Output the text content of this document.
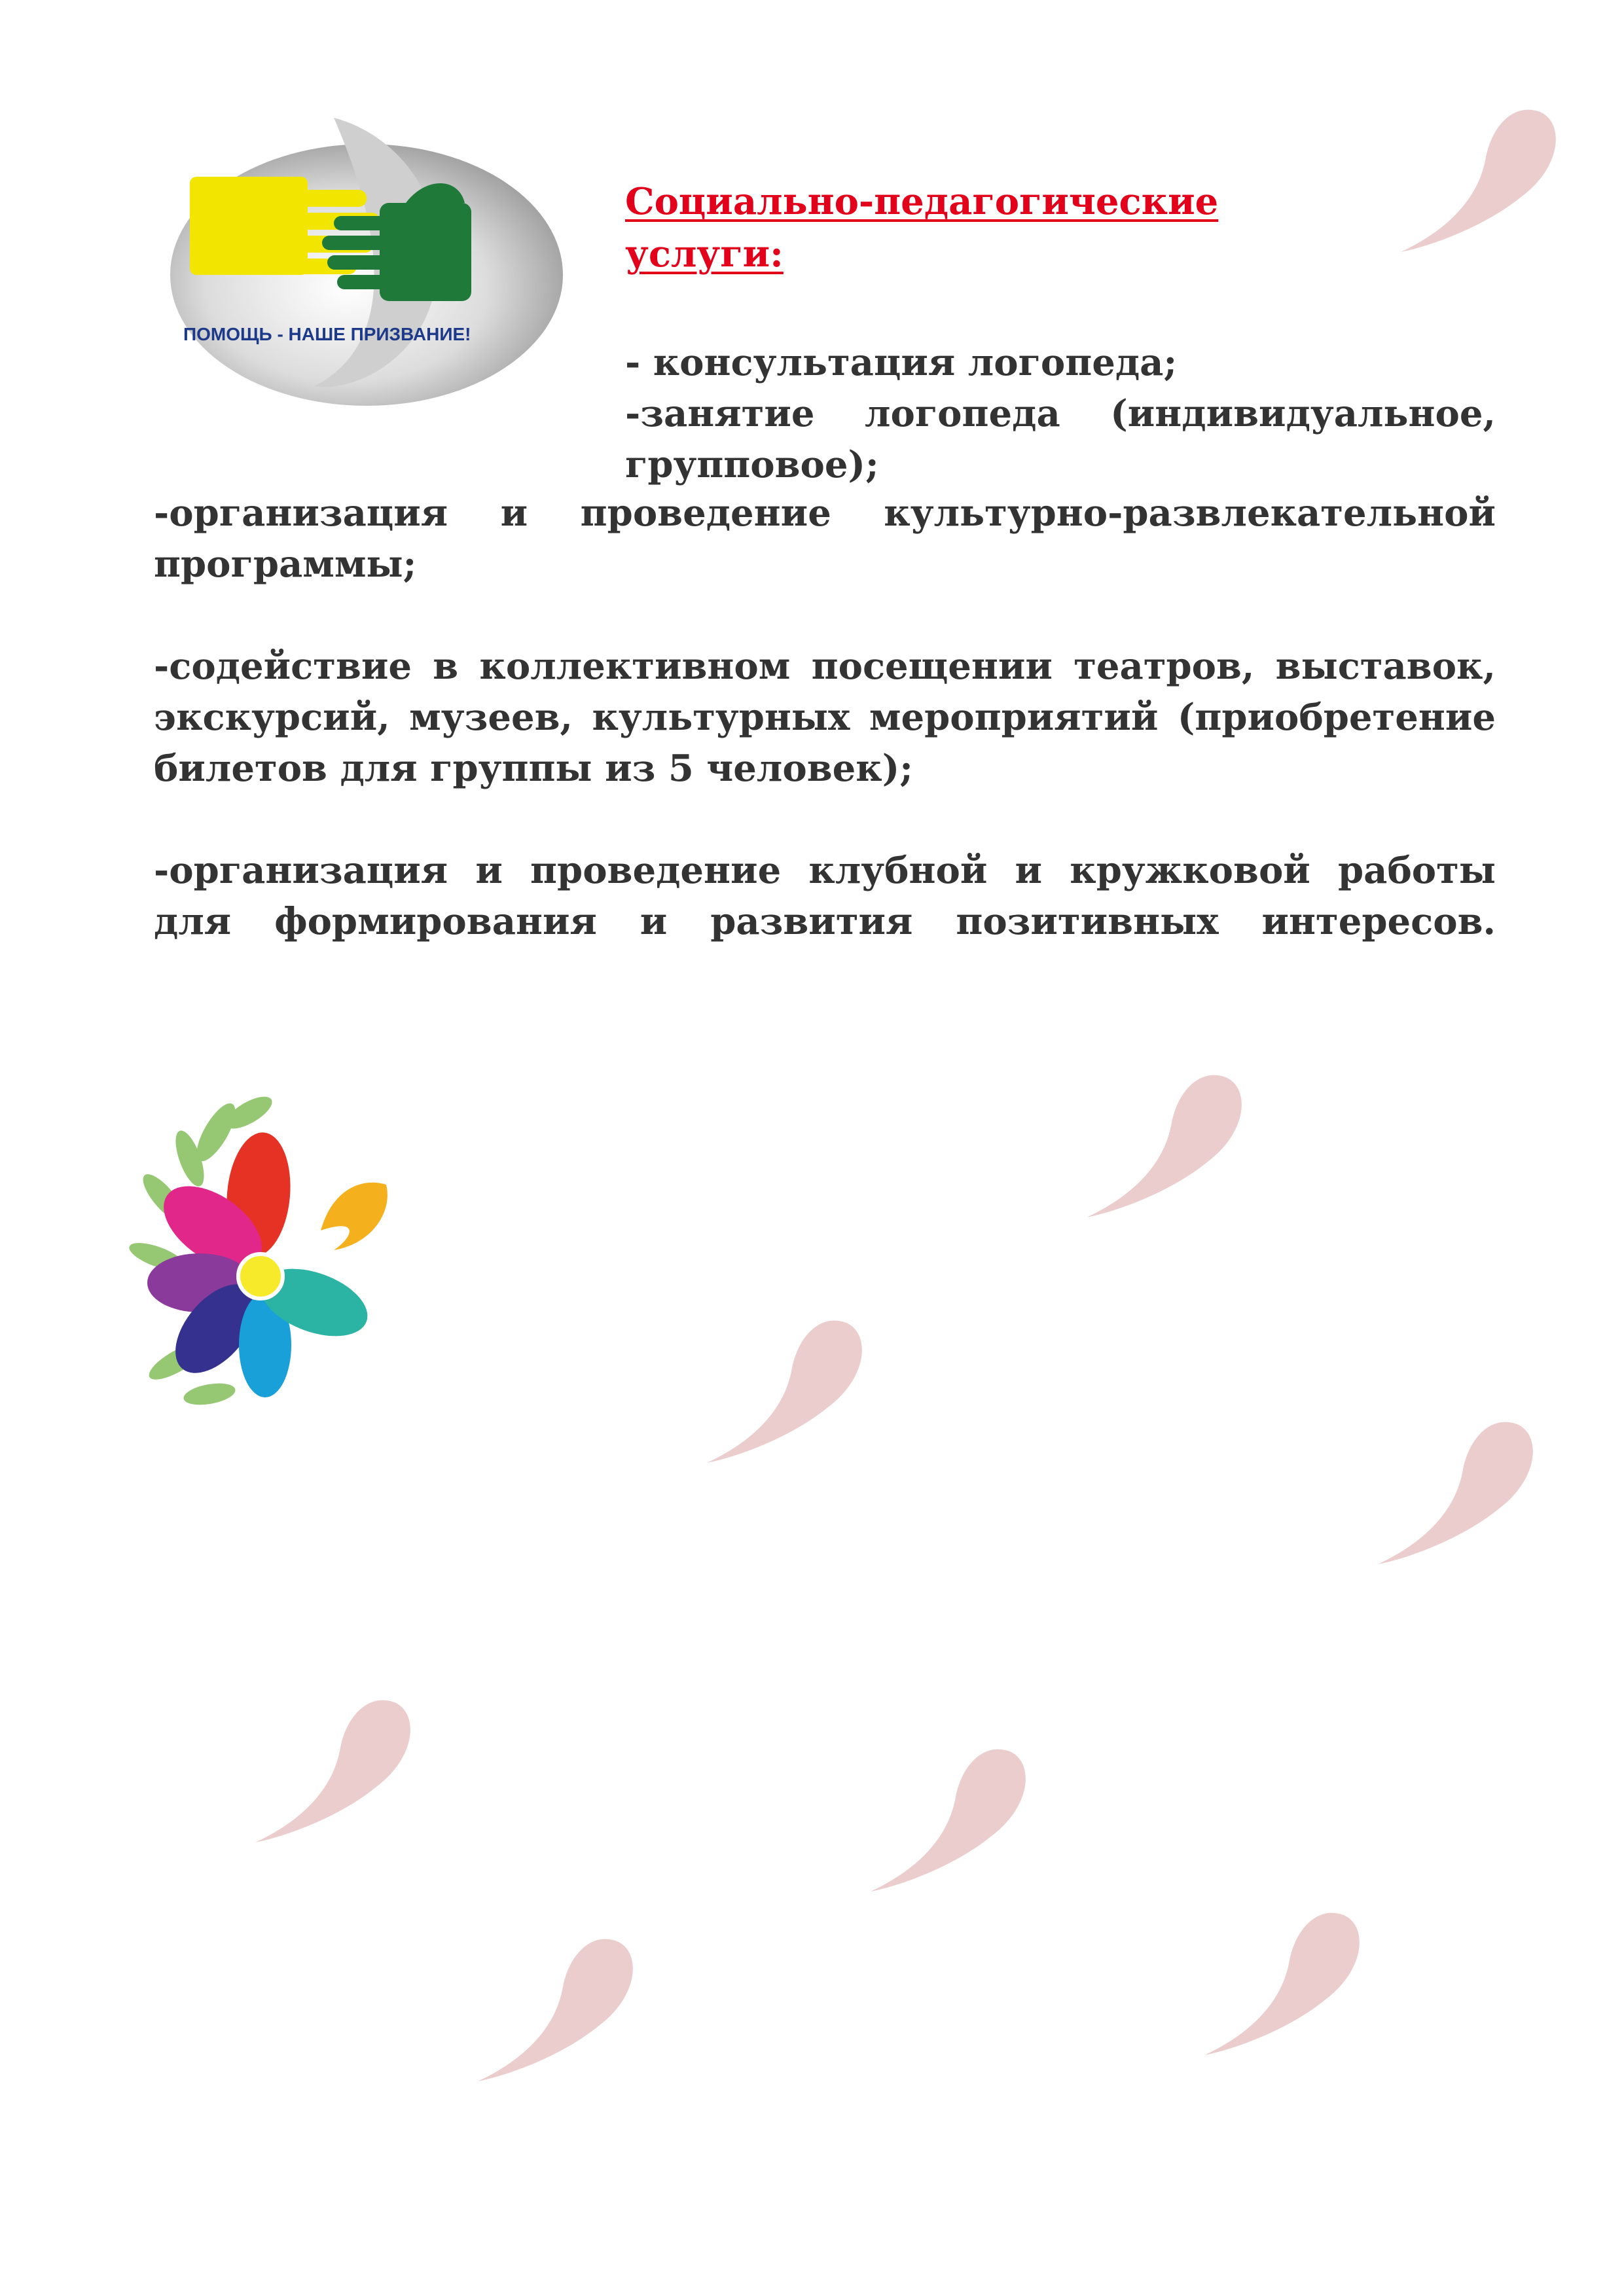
ПОМОЩЬ - НАШЕ ПРИЗВАНИЕ!
Социально-педагогические
услуги:

- консультация логопеда;

-занятие логопеда (индивидуальное, групповое);

-организация и проведение культурно-развлекательной программы;

-содействие в коллективном посещении театров, выставок, экскурсий, музеев, культурных мероприятий (приобретение билетов для группы из 5 человек);

-организация и проведение клубной и кружковой работы для формирования и развития позитивных интересов.
